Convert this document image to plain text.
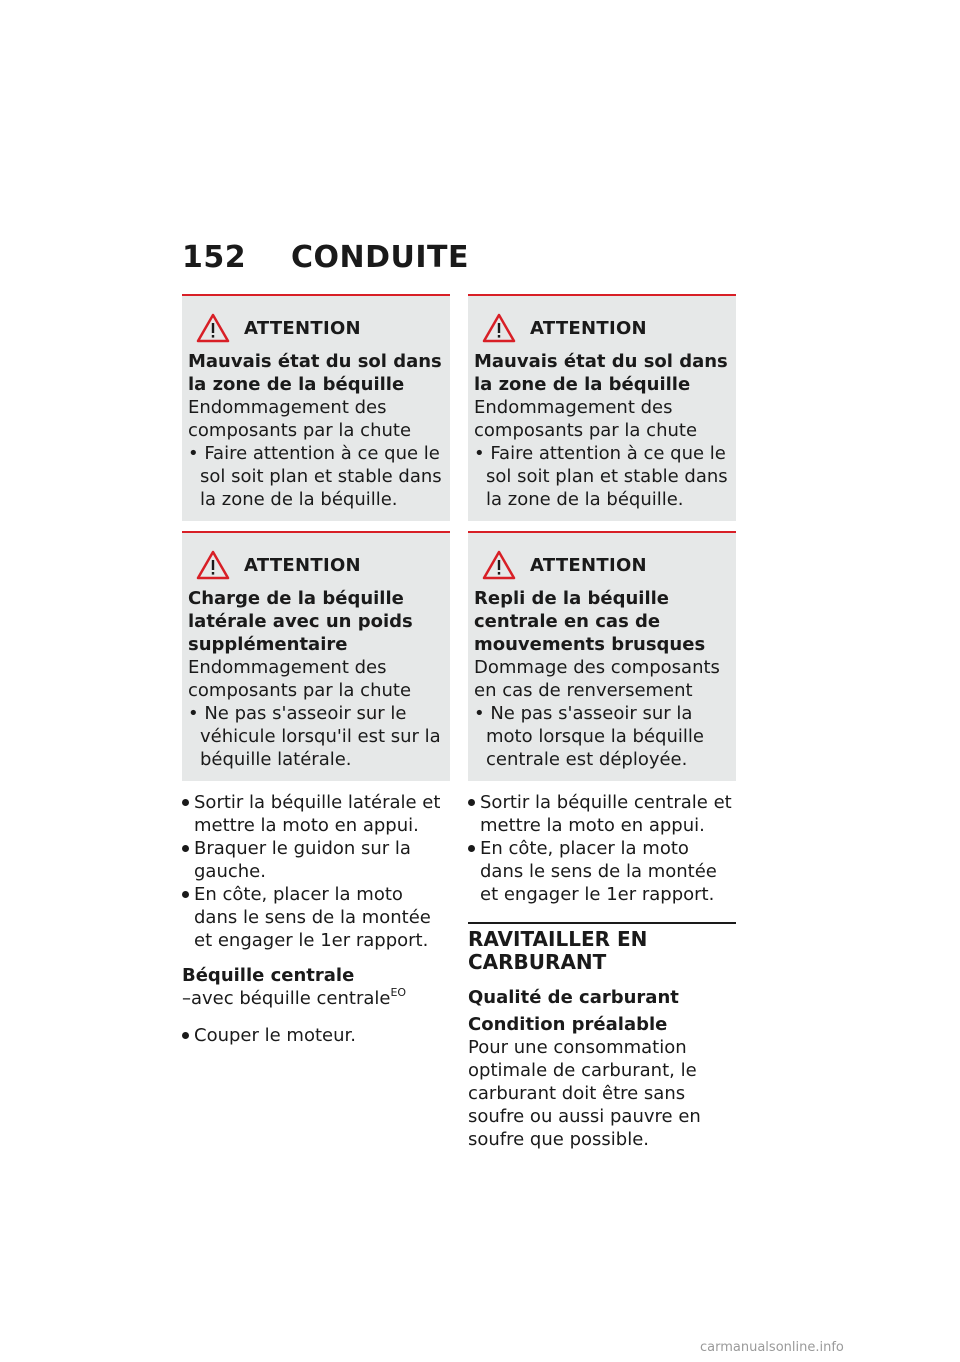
152 CONDUITE
ATTENTION
Mauvais état du sol dans la zone de la béquille
Endommagement des composants par la chute
• Faire attention à ce que le sol soit plan et stable dans la zone de la béquille.
ATTENTION
Charge de la béquille latérale avec un poids supplémentaire
Endommagement des composants par la chute
• Ne pas s'asseoir sur le véhicule lorsqu'il est sur la béquille latérale.
Sortir la béquille latérale et mettre la moto en appui.
Braquer le guidon sur la gauche.
En côte, placer la moto dans le sens de la montée et engager le 1er rapport.
Béquille centrale
–avec béquille centrale$^{EO}$
Couper le moteur.
ATTENTION
Mauvais état du sol dans la zone de la béquille
Endommagement des composants par la chute
• Faire attention à ce que le sol soit plan et stable dans la zone de la béquille.
ATTENTION
Repli de la béquille centrale en cas de mouvements brusques
Dommage des composants en cas de renversement
• Ne pas s'asseoir sur la moto lorsque la béquille centrale est déployée.
Sortir la béquille centrale et mettre la moto en appui.
En côte, placer la moto dans le sens de la montée et engager le 1er rapport.
RAVITAILLER EN CARBURANT
Qualité de carburant
Condition préalable
Pour une consommation optimale de carburant, le carburant doit être sans soufre ou aussi pauvre en soufre que possible.
carmanualsonline.info
